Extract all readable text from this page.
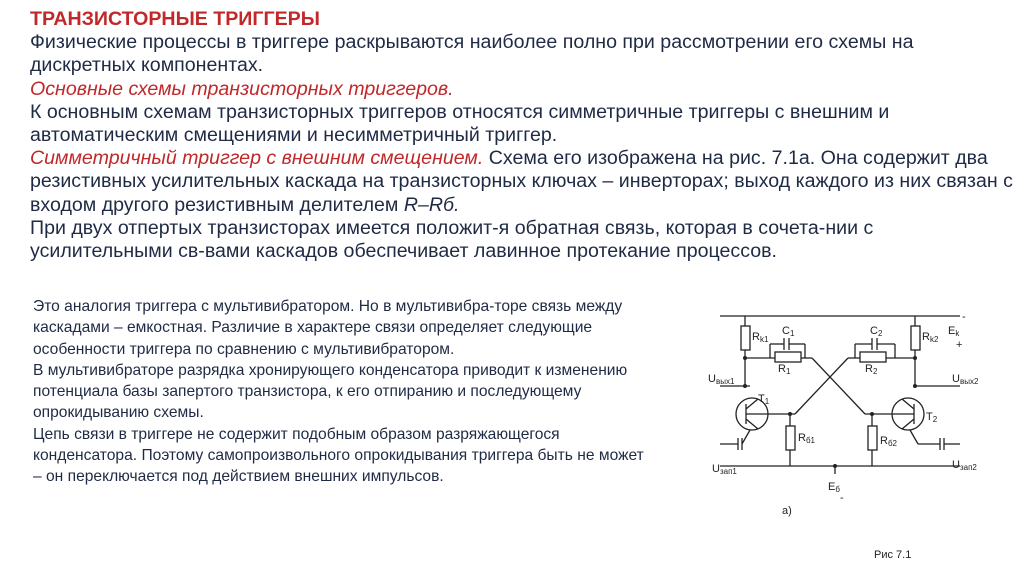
ТРАНЗИСТОРНЫЕ ТРИГГЕРЫ

Физические процессы в триггере раскрываются наиболее полно при рассмотрении его схемы на дискретных компонентах.

Основные схемы транзисторных триггеров.

К основным схемам транзисторных триггеров относятся симметричные триггеры с внешним и автоматическим смещениями и несимметричный триггер.

Симметричный триггер с внешним смещением. Схема его изображена на рис. 7.1а. Она содержит два резистивных усилительных каскада на транзисторных ключах – инверторах; выход каждого из них связан с входом другого резистивным делителем R–Rб.

При двух отпертых транзисторах имеется положит-я обратная связь, которая в сочета-нии с усилительными св-вами каскадов обеспечивает лавинное протекание процессов.

Это аналогия триггера с мультивибратором. Но в мультивибра-торе связь между каскадами – емкостная. Различие в характере связи определяет следующие особенности триггера по сравнению с мультивибратором.

В мультивибраторе разрядка хронирующего конденсатора приводит к изменению потенциала базы запертого транзистора, к его отпиранию и последующему опрокидыванию схемы.

Цепь связи в триггере не содержит подобным образом разряжающегося конденсатора. Поэтому самопроизвольного опрокидывания триггера быть не может – он переключается под действием внешних импульсов.

Rk1	Rk2
C1	C2
R1	R2
Rб1	Rб2
T1
T2
Uвых1	Uвых2
Uзап1
Uзап2
Ek
Еб
-
-
+
а)
Рис 7.1
